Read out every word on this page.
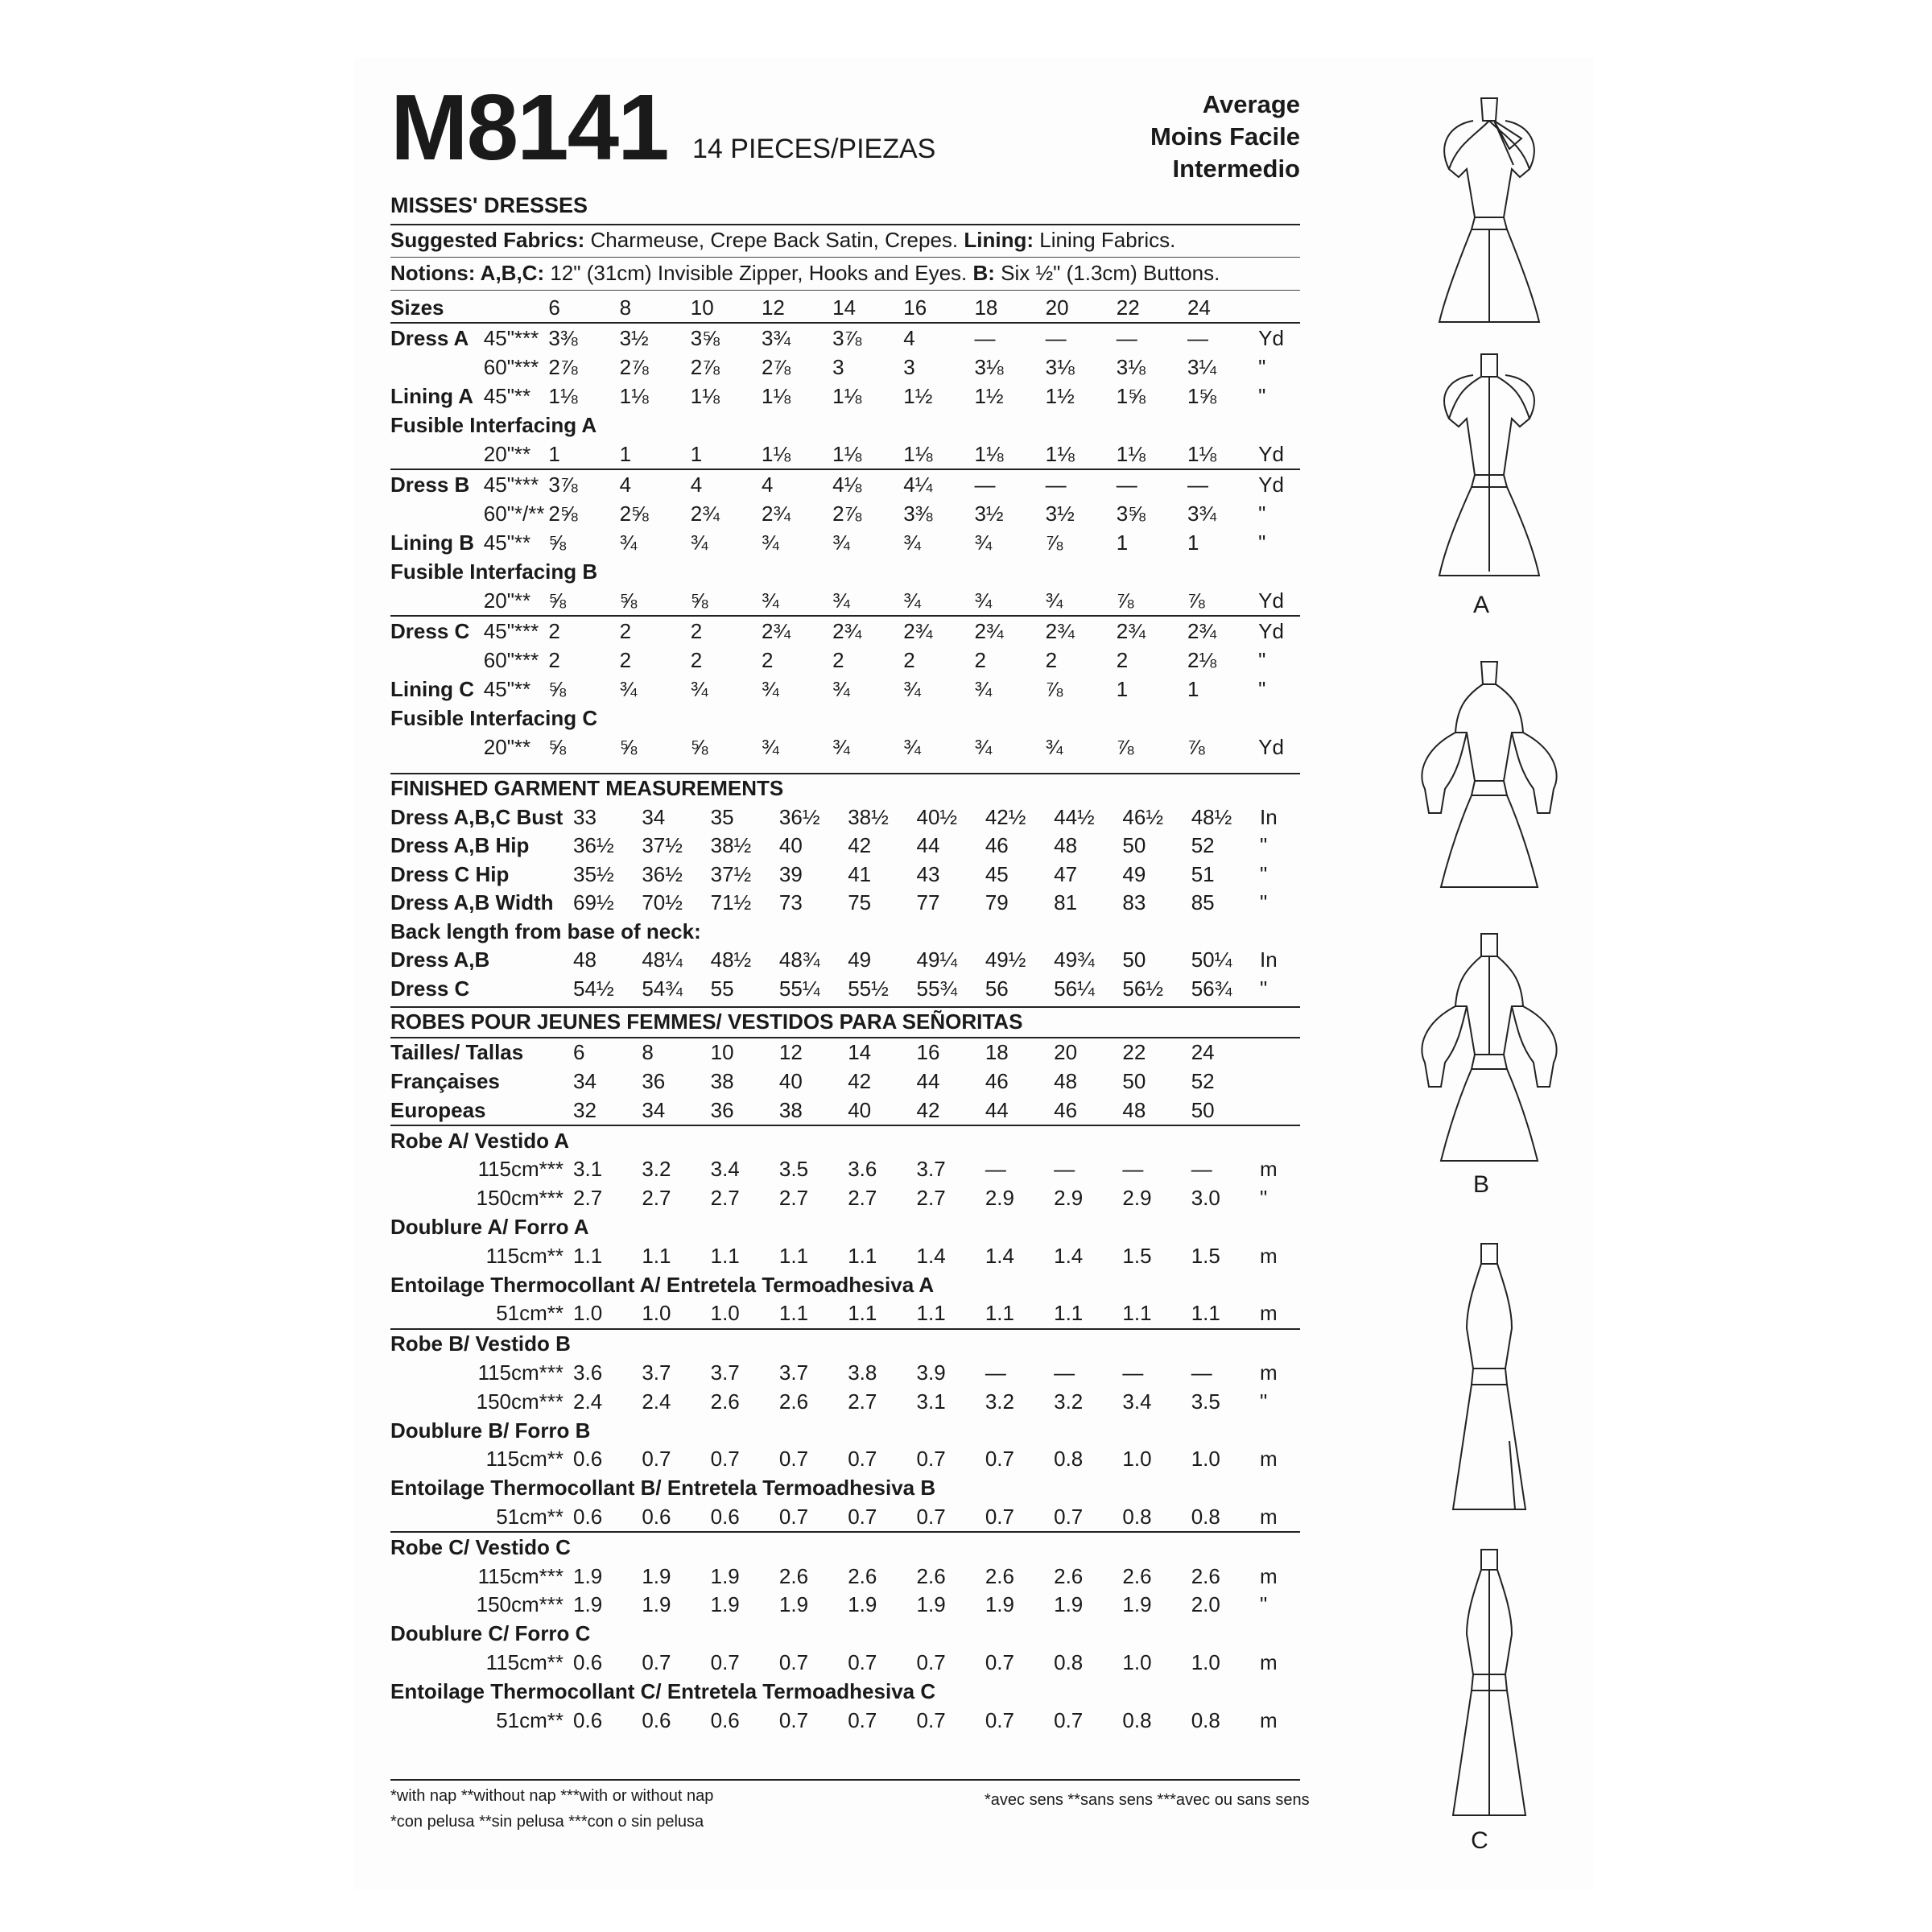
M8141 14 PIECES/PIEZAS
Average
Moins Facile
Intermedio
MISSES' DRESSES
Suggested Fabrics: Charmeuse, Crepe Back Satin, Crepes. Lining: Lining Fabrics.
Notions: A,B,C: 12" (31cm) Invisible Zipper, Hooks and Eyes. B: Six ½" (1.3cm) Buttons.
Sizes		6	8	10	12	14	16	18	20	22	24	
Dress A	45"***	3⅜	3½	3⅝	3¾	3⅞	4	—	—	—	—	Yd
	60"***	2⅞	2⅞	2⅞	2⅞	3	3	3⅛	3⅛	3⅛	3¼	"
Lining A	45"**	1⅛	1⅛	1⅛	1⅛	1⅛	1½	1½	1½	1⅝	1⅝	"
Fusible Interfacing A												
	20"**	1	1	1	1⅛	1⅛	1⅛	1⅛	1⅛	1⅛	1⅛	Yd
Dress B	45"***	3⅞	4	4	4	4⅛	4¼	—	—	—	—	Yd
	60"*/**	2⅝	2⅝	2¾	2¾	2⅞	3⅜	3½	3½	3⅝	3¾	"
Lining B	45"**	⅝	¾	¾	¾	¾	¾	¾	⅞	1	1	"
Fusible Interfacing B												
	20"**	⅝	⅝	⅝	¾	¾	¾	¾	¾	⅞	⅞	Yd
Dress C	45"***	2	2	2	2¾	2¾	2¾	2¾	2¾	2¾	2¾	Yd
	60"***	2	2	2	2	2	2	2	2	2	2⅛	"
Lining C	45"**	⅝	¾	¾	¾	¾	¾	¾	⅞	1	1	"
Fusible Interfacing C												
	20"**	⅝	⅝	⅝	¾	¾	¾	¾	¾	⅞	⅞	Yd
FINISHED GARMENT MEASUREMENTS											
Dress A,B,C Bust	33	34	35	36½	38½	40½	42½	44½	46½	48½	In
Dress A,B Hip	36½	37½	38½	40	42	44	46	48	50	52	"
Dress C Hip	35½	36½	37½	39	41	43	45	47	49	51	"
Dress A,B Width	69½	70½	71½	73	75	77	79	81	83	85	"
Back length from base of neck:											
Dress A,B	48	48¼	48½	48¾	49	49¼	49½	49¾	50	50¼	In
Dress C	54½	54¾	55	55¼	55½	55¾	56	56¼	56½	56¾	"
ROBES POUR JEUNES FEMMES/ VESTIDOS PARA SEÑORITAS											
Tailles/ Tallas	6	8	10	12	14	16	18	20	22	24	
Françaises	34	36	38	40	42	44	46	48	50	52	
Europeas	32	34	36	38	40	42	44	46	48	50	
Robe A/ Vestido A											
115cm***	3.1	3.2	3.4	3.5	3.6	3.7	—	—	—	—	m
150cm***	2.7	2.7	2.7	2.7	2.7	2.7	2.9	2.9	2.9	3.0	"
Doublure A/ Forro A											
115cm**	1.1	1.1	1.1	1.1	1.1	1.4	1.4	1.4	1.5	1.5	m
Entoilage Thermocollant A/ Entretela Termoadhesiva A											
51cm**	1.0	1.0	1.0	1.1	1.1	1.1	1.1	1.1	1.1	1.1	m
Robe B/ Vestido B											
115cm***	3.6	3.7	3.7	3.7	3.8	3.9	—	—	—	—	m
150cm***	2.4	2.4	2.6	2.6	2.7	3.1	3.2	3.2	3.4	3.5	"
Doublure B/ Forro B											
115cm**	0.6	0.7	0.7	0.7	0.7	0.7	0.7	0.8	1.0	1.0	m
Entoilage Thermocollant B/ Entretela Termoadhesiva B											
51cm**	0.6	0.6	0.6	0.7	0.7	0.7	0.7	0.7	0.8	0.8	m
Robe C/ Vestido C											
115cm***	1.9	1.9	1.9	2.6	2.6	2.6	2.6	2.6	2.6	2.6	m
150cm***	1.9	1.9	1.9	1.9	1.9	1.9	1.9	1.9	1.9	2.0	"
Doublure C/ Forro C											
115cm**	0.6	0.7	0.7	0.7	0.7	0.7	0.7	0.8	1.0	1.0	m
Entoilage Thermocollant C/ Entretela Termoadhesiva C											
51cm**	0.6	0.6	0.6	0.7	0.7	0.7	0.7	0.7	0.8	0.8	m
*with nap **without nap ***with or without nap
*con pelusa **sin pelusa ***con o sin pelusa
*avec sens **sans sens ***avec ou sans sens
A
B
C
